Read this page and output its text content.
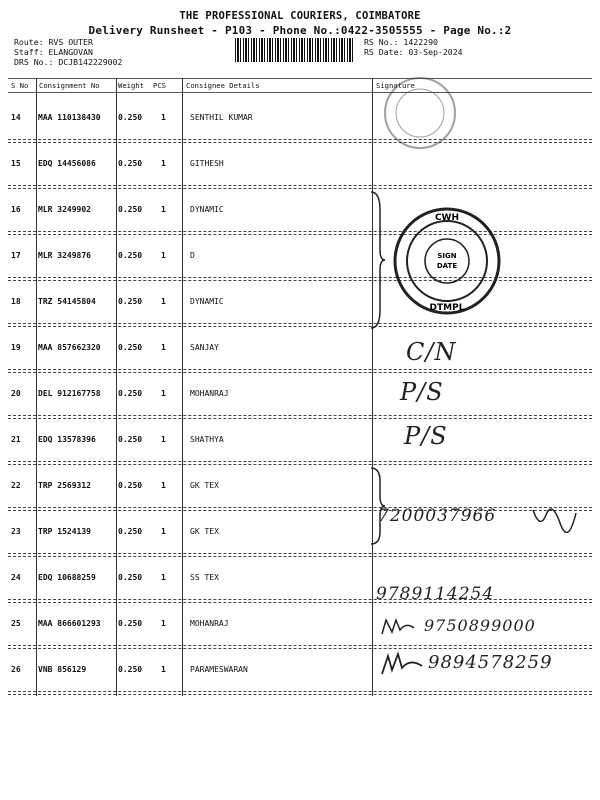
THE PROFESSIONAL COURIERS, COIMBATORE
Delivery Runsheet - P103 - Phone No.:0422-3505555 - Page No.:2
Route: RVS OUTER
Staff: ELANGOVAN
DRS No.: DCJB142229002
RS No.: 1422290
RS Date: 03-Sep-2024
S No Consignment No	Weight PCS	Consignee Details	Signature
14 MAA 110138430 0.250 1	SENTHIL KUMAR
15 EDQ 14456086	0.250 1	GITHESH
16 MLR 3249902	0.250 1	DYNAMIC
17 MLR 3249876	0.250 1	D
18 TRZ 54145804	0.250 1	DYNAMIC
19 MAA 857662320 0.250 1	SANJAY
20 DEL 912167758 0.250 1	MOHANRAJ
21 EDQ 13578396	0.250 1	SHATHYA
22 TRP 2569312	0.250 1	GK TEX
23 TRP 1524139	0.250 1	GK TEX
24 EDQ 10688259	0.250 1	SS TEX
25 MAA 866601293 0.250 1	MOHANRAJ
26 VNB 856129	0.250 1	PARAMESWARAN
CWH
DTMPL
SIGN
DATE
C/N
P/S
P/S
7200037966
9789114254
9750899000
9894578259
